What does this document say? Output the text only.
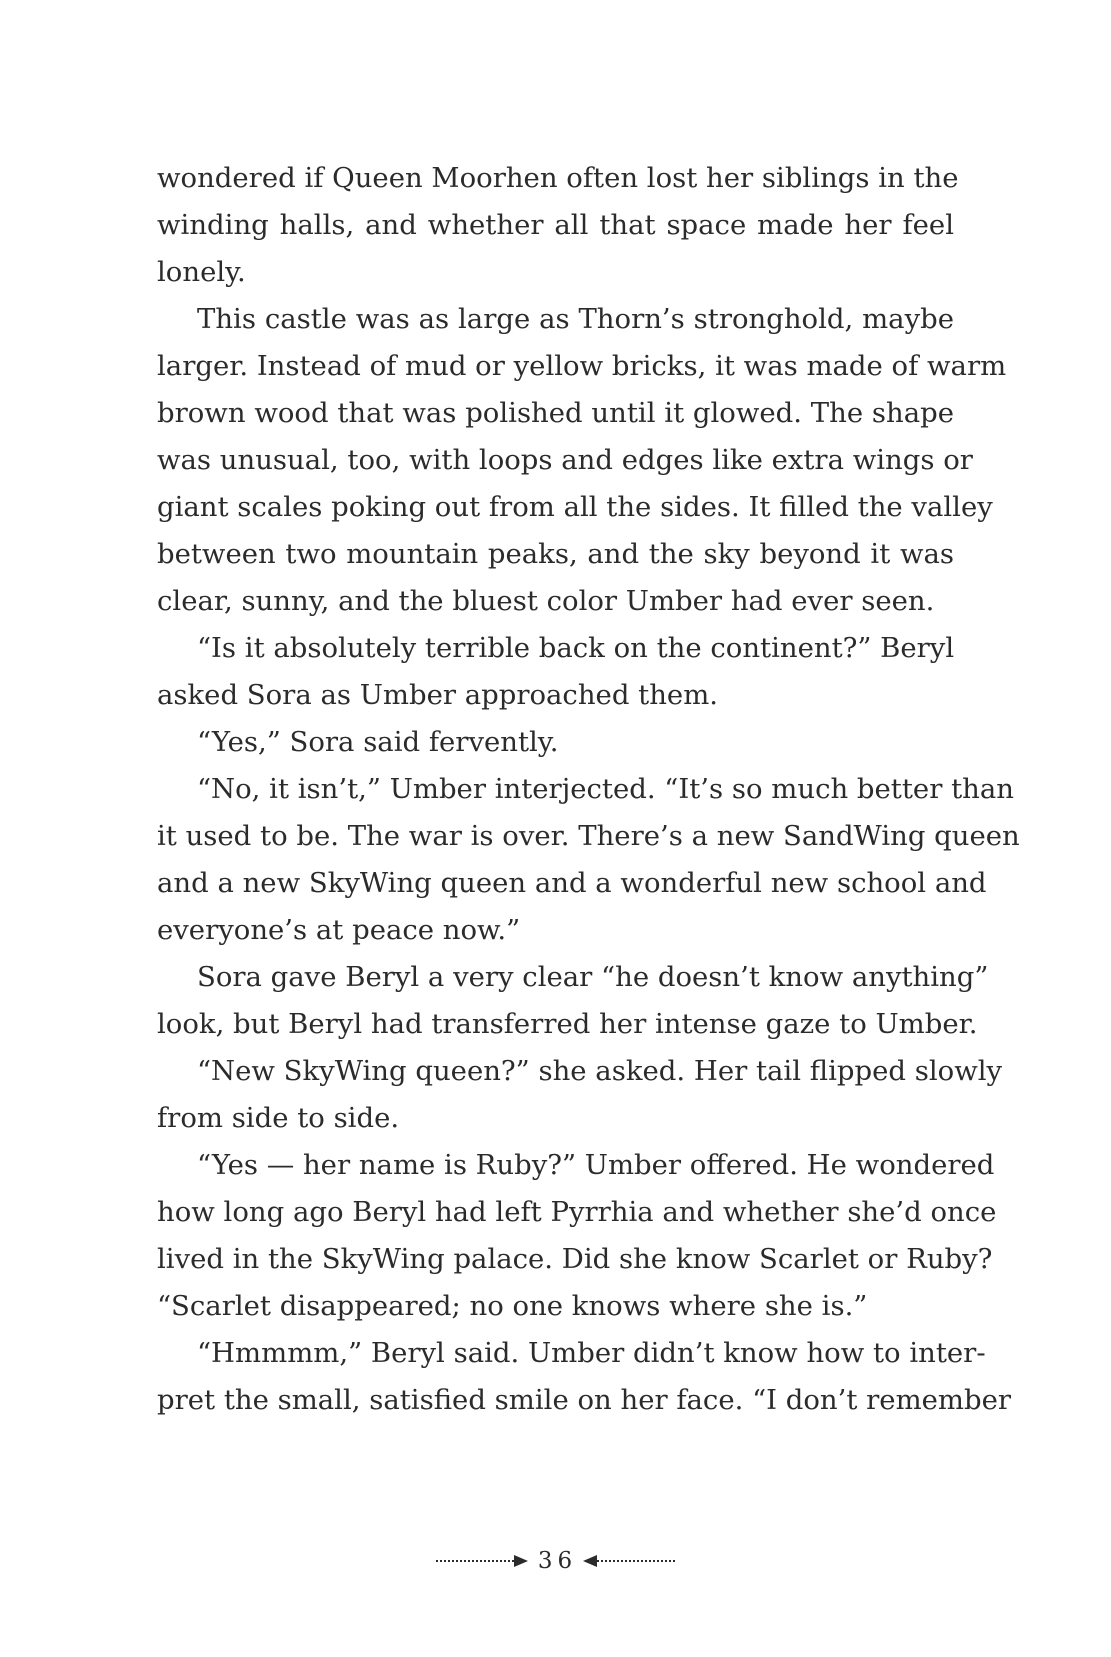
wondered if Queen Moorhen often lost her siblings in the
winding halls, and whether all that space made her feel
lonely.
This castle was as large as Thorn’s stronghold, maybe
larger. Instead of mud or yellow bricks, it was made of warm
brown wood that was polished until it glowed. The shape
was unusual, too, with loops and edges like extra wings or
giant scales poking out from all the sides. It filled the valley
between two mountain peaks, and the sky beyond it was
clear, sunny, and the bluest color Umber had ever seen.
“Is it absolutely terrible back on the continent?” Beryl
asked Sora as Umber approached them.
“Yes,” Sora said fervently.
“No, it isn’t,” Umber interjected. “It’s so much better than
it used to be. The war is over. There’s a new SandWing queen
and a new SkyWing queen and a wonderful new school and
everyone’s at peace now.”
Sora gave Beryl a very clear “he doesn’t know anything”
look, but Beryl had transferred her intense gaze to Umber.
“New SkyWing queen?” she asked. Her tail flipped slowly
from side to side.
“Yes — her name is Ruby?” Umber offered. He wondered
how long ago Beryl had left Pyrrhia and whether she’d once
lived in the SkyWing palace. Did she know Scarlet or Ruby?
“Scarlet disappeared; no one knows where she is.”
“Hmmmm,” Beryl said. Umber didn’t know how to inter-
pret the small, satisfied smile on her face. “I don’t remember
36
